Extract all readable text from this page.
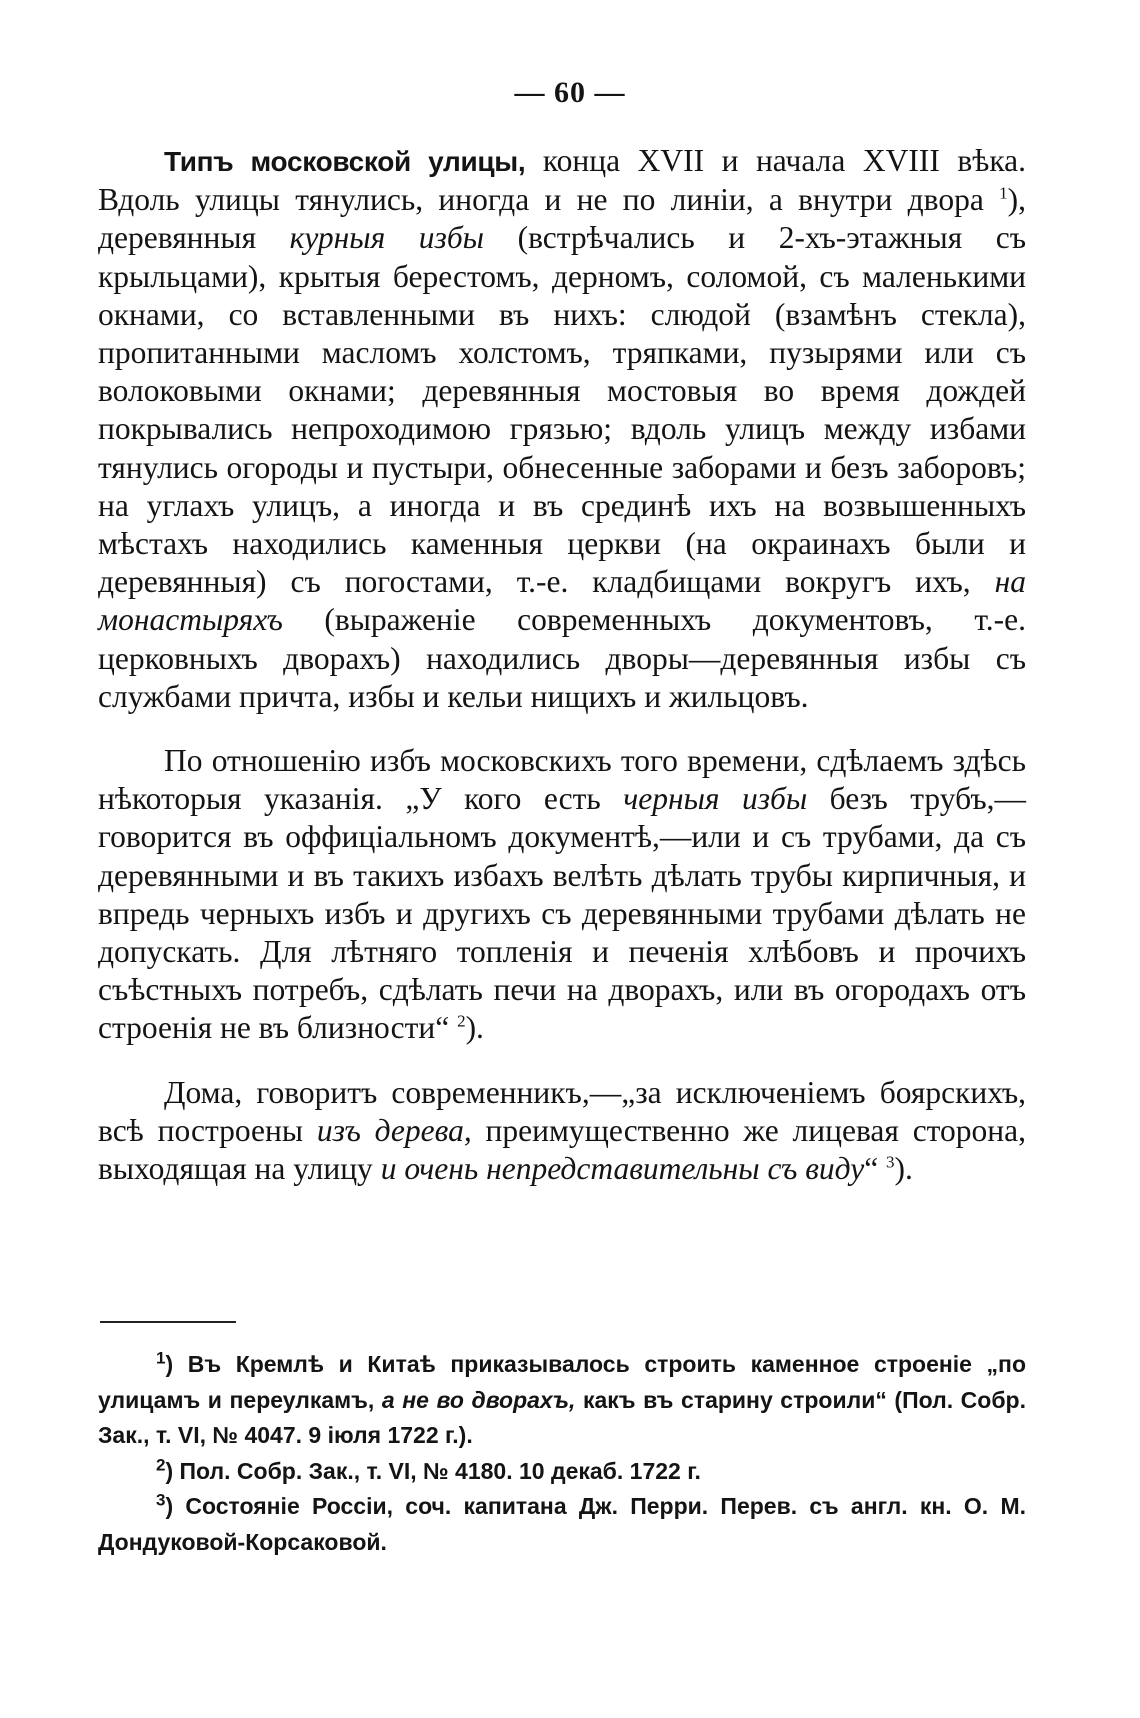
— 60 —

Типъ московской улицы, конца XVII и начала XVIII вѣка. Вдоль улицы тянулись, иногда и не по линіи, а внутри двора $^1$), деревянныя курныя избы (встрѣчались и 2-хъ-этажныя съ крыльцами), крытыя берестомъ, дерномъ, соломой, съ маленькими окнами, со вставленными въ нихъ: слюдой (взамѣнъ стекла), пропитанными масломъ холстомъ, тряпками, пузырями или съ волоковыми окнами; деревянныя мостовыя во время дождей покрывались непроходимою грязью; вдоль улицъ между избами тянулись огороды и пустыри, обнесенные заборами и безъ заборовъ; на углахъ улицъ, а иногда и въ срединѣ ихъ на возвышенныхъ мѣстахъ находились каменныя церкви (на окраинахъ были и деревянныя) съ погостами, т.-е. кладбищами вокругъ ихъ, на монастыряхъ (выраженіе современныхъ документовъ, т.-е. церковныхъ дворахъ) находились дворы—деревянныя избы съ службами причта, избы и кельи нищихъ и жильцовъ.

По отношенію избъ московскихъ того времени, сдѣлаемъ здѣсь нѣкоторыя указанія. „У кого есть черныя избы безъ трубъ,— говорится въ оффиціальномъ документѣ,—или и съ трубами, да съ деревянными и въ такихъ избахъ велѣть дѣлать трубы кирпичныя, и впредь черныхъ избъ и другихъ съ деревянными трубами дѣлать не допускать. Для лѣтняго топленія и печенія хлѣбовъ и прочихъ съѣстныхъ потребъ, сдѣлать печи на дворахъ, или въ огородахъ отъ строенія не въ близности“ $^2$).

Дома, говоритъ современникъ,—„за исключеніемъ боярскихъ, всѣ построены изъ дерева, преимущественно же лицевая сторона, выходящая на улицу и очень непредставительны съ виду“ $^3$).

$^1$) Въ Кремлѣ и Китаѣ приказывалось строить каменное строеніе „по улицамъ и переулкамъ, а не во дворахъ, какъ въ старину строили“ (Пол. Собр. Зак., т. VI, № 4047. 9 іюля 1722 г.).

$^2$) Пол. Собр. Зак., т. VI, № 4180. 10 декаб. 1722 г.

$^3$) Состояніе Россіи, соч. капитана Дж. Перри. Перев. съ англ. кн. О. М. Дондуковой-Корсаковой.
